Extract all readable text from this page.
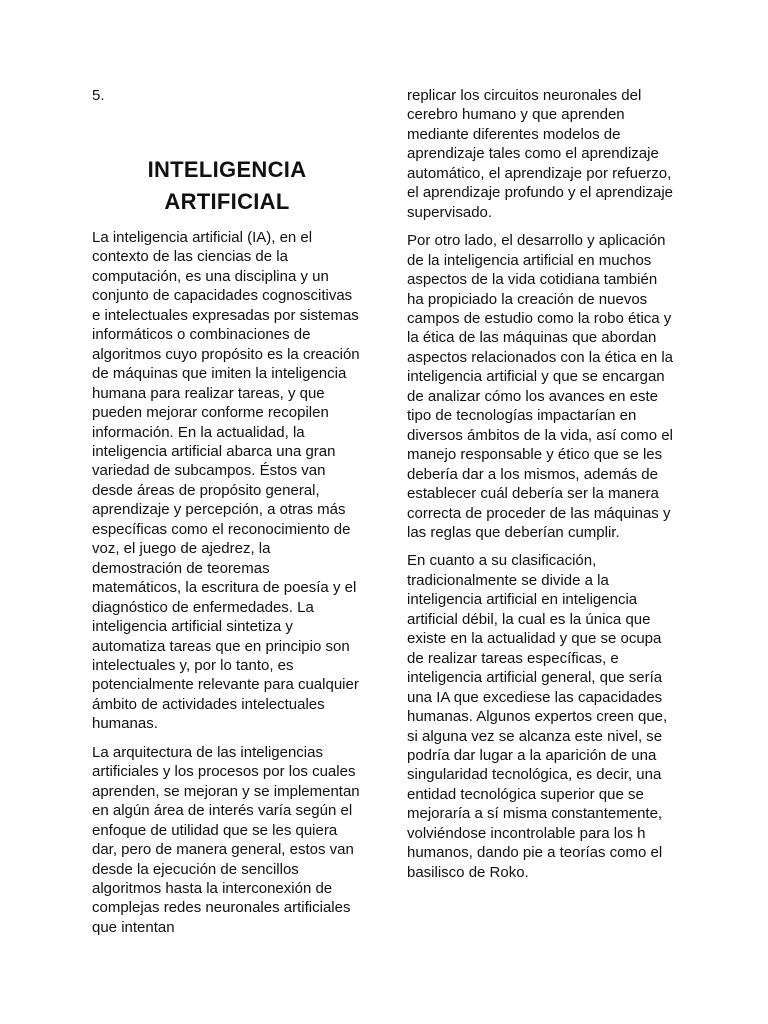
5.

INTELIGENCIA
ARTIFICIAL

La inteligencia artificial (IA), en el contexto de las ciencias de la computación, es una disciplina y un conjunto de capacidades cognoscitivas e intelectuales expresadas por sistemas informáticos o combinaciones de algoritmos cuyo propósito es la creación de máquinas que imiten la inteligencia humana para realizar tareas, y que pueden mejorar conforme recopilen información. En la actualidad, la inteligencia artificial abarca una gran variedad de subcampos. Éstos van desde áreas de propósito general, aprendizaje y percepción, a otras más específicas como el reconocimiento de voz, el juego de ajedrez, la demostración de teoremas matemáticos, la escritura de poesía y el diagnóstico de enfermedades. La inteligencia artificial sintetiza y automatiza tareas que en principio son intelectuales y, por lo tanto, es potencialmente relevante para cualquier ámbito de actividades intelectuales humanas.

La arquitectura de las inteligencias artificiales y los procesos por los cuales aprenden, se mejoran y se implementan en algún área de interés varía según el enfoque de utilidad que se les quiera dar, pero de manera general, estos van desde la ejecución de sencillos algoritmos hasta la interconexión de complejas redes neuronales artificiales que intentan

replicar los circuitos neuronales del cerebro humano y que aprenden mediante diferentes modelos de aprendizaje tales como el aprendizaje automático, el aprendizaje por refuerzo, el aprendizaje profundo y el aprendizaje supervisado.

Por otro lado, el desarrollo y aplicación de la inteligencia artificial en muchos aspectos de la vida cotidiana también ha propiciado la creación de nuevos campos de estudio como la robo ética y la ética de las máquinas que abordan aspectos relacionados con la ética en la inteligencia artificial y que se encargan de analizar cómo los avances en este tipo de tecnologías impactarían en diversos ámbitos de la vida, así como el manejo responsable y ético que se les debería dar a los mismos, además de establecer cuál debería ser la manera correcta de proceder de las máquinas y las reglas que deberían cumplir.

En cuanto a su clasificación, tradicionalmente se divide a la inteligencia artificial en inteligencia artificial débil, la cual es la única que existe en la actualidad y que se ocupa de realizar tareas específicas, e inteligencia artificial general, que sería una IA que excediese las capacidades humanas. Algunos expertos creen que, si alguna vez se alcanza este nivel, se podría dar lugar a la aparición de una singularidad tecnológica, es decir, una entidad tecnológica superior que se mejoraría a sí misma constantemente, volviéndose incontrolable para los h humanos, dando pie a teorías como el basilisco de Roko.
